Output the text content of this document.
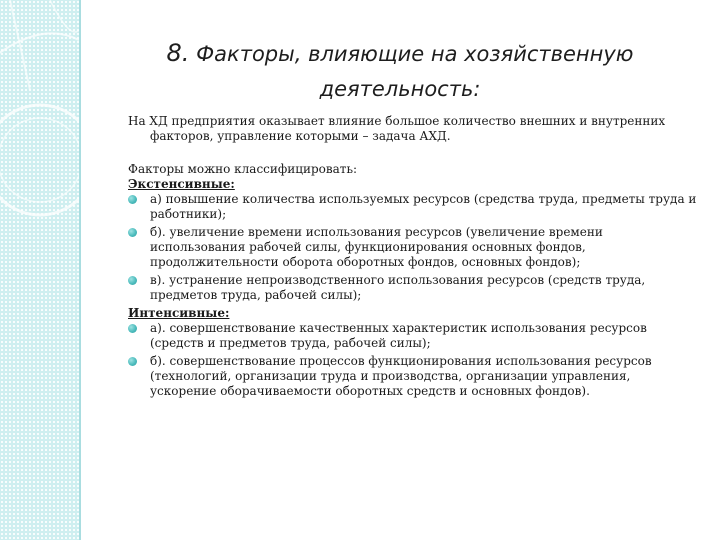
8. Факторы, влияющие на хозяйственную
деятельность:

На ХД предприятия оказывает влияние большое количество внешних и внутренних факторов, управление которыми – задача АХД.

Факторы можно классифицировать:

Экстенсивные:

а) повышение количества используемых ресурсов (средства труда, предметы труда и работники);
б). увеличение времени использования ресурсов (увеличение времени использования рабочей силы, функционирования основных фондов, продолжительности оборота оборотных фондов, основных фондов);
в). устранение непроизводственного использования ресурсов (средств труда, предметов труда, рабочей силы);

Интенсивные:

а). совершенствование качественных характеристик использования ресурсов (средств и предметов труда, рабочей силы);
б). совершенствование процессов функционирования использования ресурсов (технологий, организации труда и производства, организации управления, ускорение оборачиваемости оборотных средств и основных фондов).
